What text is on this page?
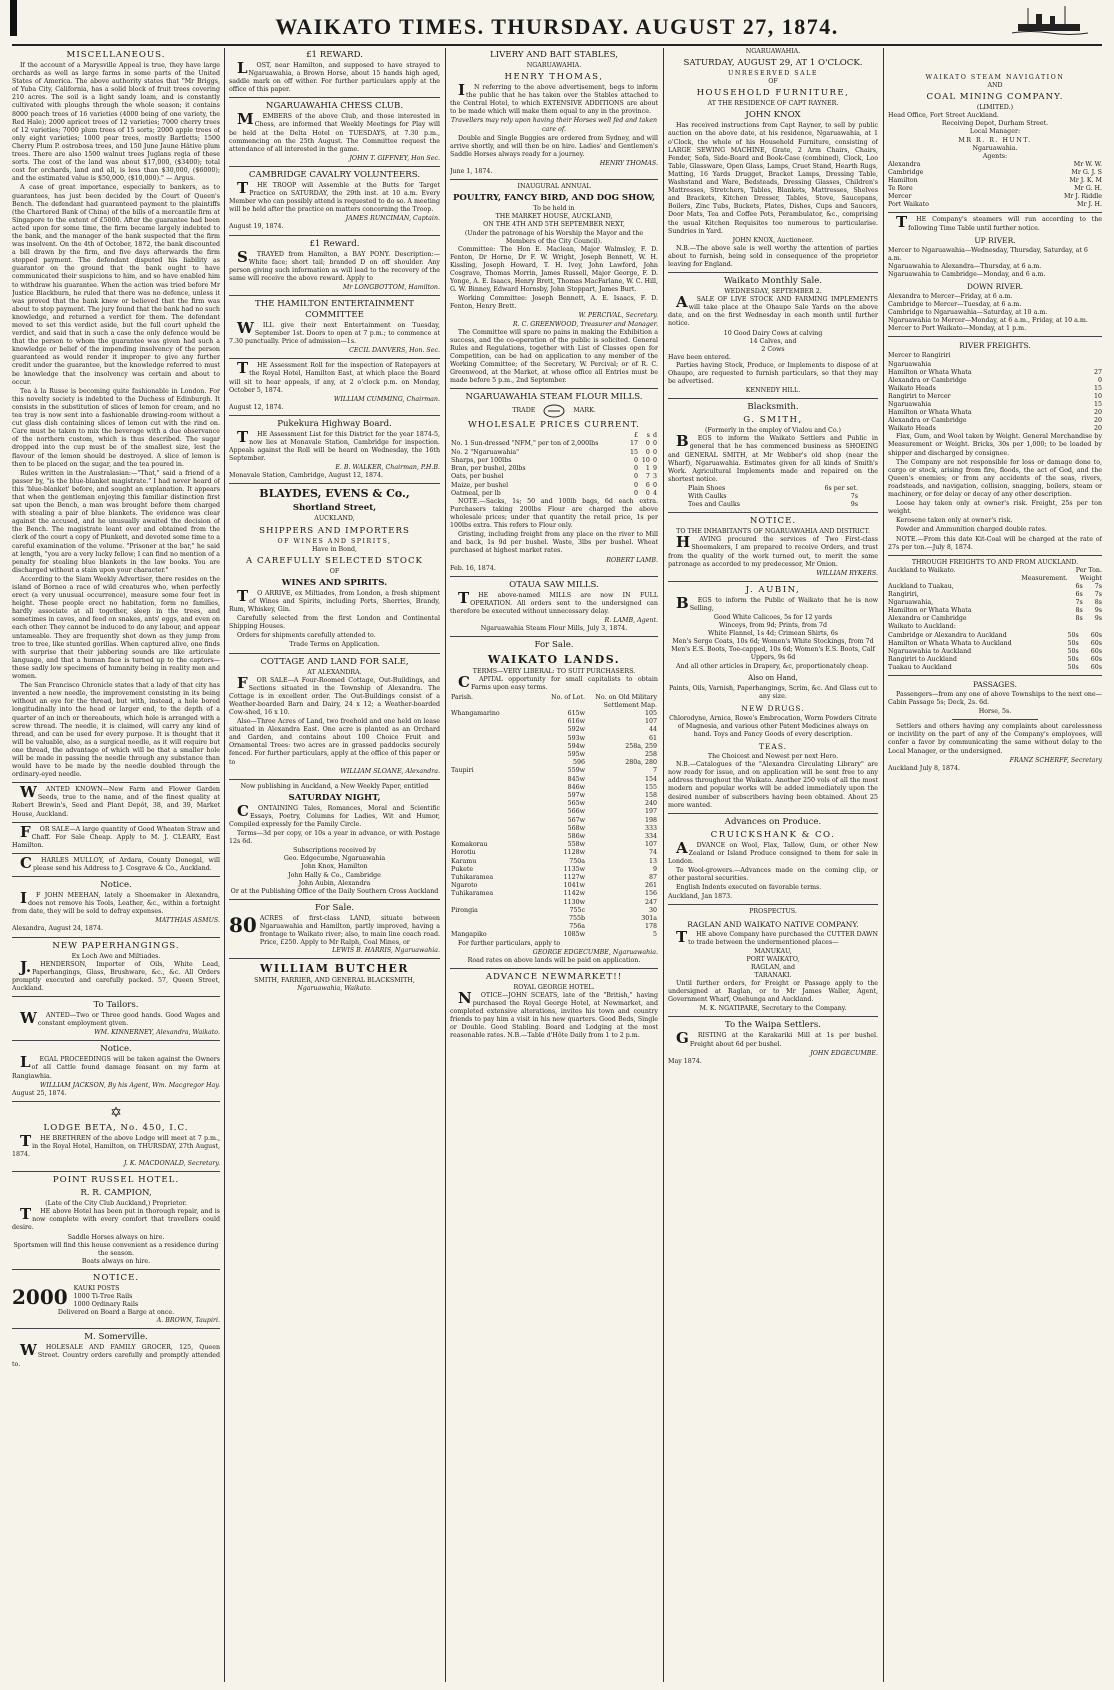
WAIKATO TIMES. THURSDAY. AUGUST 27, 1874.
MISCELLANEOUS.

If the account of a Marysville Appeal is true, they have large orchards as well as large farms in some parts of the United States of America. The above authority states that "Mr Briggs, of Yuba City, California, has a solid block of fruit trees covering 210 acres. The soil is a light sandy loam, and is constantly cultivated with ploughs through the whole season; it contains 8000 peach trees of 16 varieties (4000 being of one variety, the Red Hale); 2000 apricot trees of 12 varieties; 7000 cherry trees of 12 varieties; 7000 plum trees of 15 sorts; 2000 apple trees of only eight varieties; 1000 pear trees, mostly Bartletts; 1500 Cherry Plum P. ostrobosa trees, and 150 June Jaune Hâtive plum trees. There are also 1500 walnut trees Juglans regia of these sorts. The cost of the land was about $17,000, ($3400); total cost for orchards, land and all, is less than $30,000, ($6000); and the estimated value is $50,000, ($10,000)." — Argus.

A case of great importance, especially to bankers, as to guarantees, has just been decided by the Court of Queen's Bench. The defendant had guaranteed payment to the plaintiffs (the Chartered Bank of China) of the bills of a mercantile firm at Singapore to the extent of £5000. After the guarantee had been acted upon for some time, the firm became largely indebted to the bank, and the manager of the bank suspected that the firm was insolvent. On the 4th of October, 1872, the bank discounted a bill drawn by the firm, and five days afterwards the firm stopped payment. The defendant disputed his liability as guarantor on the ground that the bank ought to have communicated their suspicions to him, and so have enabled him to withdraw his guarantee. When the action was tried before Mr Justice Blackburn, he ruled that there was no defence, unless it was proved that the bank knew or believed that the firm was about to stop payment. The jury found that the bank had no such knowledge, and returned a verdict for them. The defendant moved to set this verdict aside, but the full court upheld the verdict, and said that in such a case the only defence would be that the person to whom the guarantee was given had such a knowledge or belief of the impending insolvency of the person guaranteed as would render it improper to give any further credit under the guarantee, but the knowledge referred to must be knowledge that the insolvency was certain and about to occur.

Tea à la Russe is becoming quite fashionable in London. For this novelty society is indebted to the Duchess of Edinburgh. It consists in the substitution of slices of lemon for cream, and no tea tray is now sent into a fashionable drawing-room without a cut glass dish containing slices of lemon cut with the rind on. Care must be taken to mix the beverage with a due observance of the northern custom, which is thus described. The sugar dropped into the cup must be of the smallest size, lest the flavour of the lemon should be destroyed. A slice of lemon is then to be placed on the sugar, and the tea poured in.

Rules written in the Australasian:—"That," said a friend of a passer by, "is the blue-blanket magistrate." I had never heard of this 'blue-blanket' before, and sought an explanation. It appears that when the gentleman enjoying this familiar distinction first sat upon the Bench, a man was brought before them charged with stealing a pair of blue blankets. The evidence was clear against the accused, and he unusually awaited the decision of the Bench. The magistrate leant over and obtained from the clerk of the court a copy of Plunkett, and devoted some time to a careful examination of the volume. "Prisoner at the bar," he said at length, "you are a very lucky fellow; I can find no mention of a penalty for stealing blue blankets in the law books. You are discharged without a stain upon your character."

According to the Siam Weekly Advertiser, there resides on the island of Borneo a race of wild creatures who, when perfectly erect (a very unusual occurrence), measure some four feet in height. These people erect no habitation, form no families, hardly associate at all together, sleep in the trees, and sometimes in caves, and feed on snakes, ants' eggs, and even on each other. They cannot be induced to do any labour, and appear untameable. They are frequently shot down as they jump from tree to tree, like stunted gorillas. When captured alive, one finds with surprise that their jabbering sounds are like articulate language, and that a human face is turned up to the captors—these sadly low specimens of humanity being in reality men and women.

The San Francisco Chronicle states that a lady of that city has invented a new needle, the improvement consisting in its being without an eye for the thread, but with, instead, a hole bored longitudinally into the head or larger end, to the depth of a quarter of an inch or thereabouts, which hole is arranged with a screw thread. The needle, it is claimed, will carry any kind of thread, and can be used for every purpose. It is thought that it will be valuable, also, as a surgical needle, as it will require but one thread, the advantage of which will be that a smaller hole will be made in passing the needle through any substance than would have to be made by the needle doubled through the ordinary-eyed needle.

WANTED KNOWN—New Farm and Flower Garden Seeds, true to the name, and of the finest quality at Robert Brewin's, Seed and Plant Depôt, 38, and 39, Market House, Auckland.

FOR SALE—A large quantity of Good Wheaten Straw and Chaff. For Sale Cheap. Apply to M. J. CLEARY, East Hamilton.

CHARLES MULLOY, of Ardara, County Donegal, will please send his Address to J. Cosgrave & Co., Auckland.

Notice.

IF JOHN MEEHAN, lately a Shoemaker in Alexandra, does not remove his Tools, Leather, &c., within a fortnight from date, they will be sold to defray expenses.

MATTHIAS ASMUS.
Alexandra, August 24, 1874.
NEW PAPERHANGINGS.
Ex Loch Awe and Miltiades.

J.HENDERSON, Importer of Oils, White Lead, Paperhangings, Glass, Brushware, &c., &c. All Orders promptly executed and carefully packed. 57, Queen Street, Auckland.

To Tailors.

WANTED—Two or Three good hands. Good Wages and constant employment given.

WM. KINNERNEY, Alexandra, Waikato.
Notice.

LEGAL PROCEEDINGS will be taken against the Owners of all Cattle found damage feasant on my farm at Rangiawhia.

WILLIAM JACKSON, By his Agent, Wm. Macgregor Hay.
August 25, 1874.
✡
LODGE BETA, No. 450, I.C.

THE BRETHREN of the above Lodge will meet at 7 p.m., in the Royal Hotel, Hamilton, on THURSDAY, 27th August, 1874.

J. K. MACDONALD, Secretary.
POINT RUSSEL HOTEL.
R. R. CAMPION,
(Late of the City Club Auckland,) Proprietor.

THE above Hotel has been put in thorough repair, and is now complete with every comfort that travellers could desire.

Saddle Horses always on hire.
Sportsmen will find this house convenient as a residence during the season.
Boats always on hire.
NOTICE.
2000 KAUKI POSTS
1000 Ti-Tree Rails
1000 Ordinary Rails
Delivered on Board a Barge at once.
A. BROWN, Taupiri.
M. Somerville.

WHOLESALE AND FAMILY GROCER, 125, Queen Street. Country orders carefully and promptly attended to.

£1 REWARD.

LOST, near Hamilton, and supposed to have strayed to Ngaruawahia, a Brown Horse, about 15 hands high aged, saddle mark on off wither. For further particulars apply at the office of this paper.

NGARUAWAHIA CHESS CLUB.

MEMBERS of the above Club, and those interested in Chess, are informed that Weekly Meetings for Play will be held at the Delta Hotel on TUESDAYS, at 7.30 p.m., commencing on the 25th August. The Committee request the attendance of all interested in the game.

JOHN T. GIFFNEY, Hon Sec.
CAMBRIDGE CAVALRY VOLUNTEERS.

THE TROOP will Assemble at the Butts for Target Practice on SATURDAY, the 29th inst. at 10 a.m. Every Member who can possibly attend is requested to do so. A meeting will be held after the practice on matters concerning the Troop.

JAMES RUNCIMAN, Captain.
August 19, 1874.
£1 Reward.

STRAYED from Hamilton, a BAY PONY. Description:—White face; short tail; branded D on off shoulder. Any person giving such information as will lead to the recovery of the same will receive the above reward. Apply to

Mr LONGBOTTOM, Hamilton.
THE HAMILTON ENTERTAINMENT COMMITTEE

WILL give their next Entertainment on Tuesday, September 1st. Doors to open at 7 p.m.; to commence at 7.30 punctually. Price of admission—1s.

CECIL DANVERS, Hon. Sec.

THE Assessment Roll for the inspection of Ratepayers at the Royal Hotel, Hamilton East, at which place the Board will sit to hear appeals, if any, at 2 o'clock p.m. on Monday, October 5, 1874.

WILLIAM CUMMING, Chairman.
August 12, 1874.
Pukekura Highway Board.

THE Assessment List for this District for the year 1874-5, now lies at Monavale Station, Cambridge for inspection. Appeals against the Roll will be heard on Wednesday, the 16th September.

E. B. WALKER, Chairman, P.H.B.
Monavale Station, Cambridge, August 12, 1874.
BLAYDES, EVENS & Co.,
Shortland Street,
AUCKLAND,
SHIPPERS AND IMPORTERS
OF WINES AND SPIRITS,
Have in Bond,
A CAREFULLY SELECTED STOCK
OF
WINES AND SPIRITS.

TO ARRIVE, ex Miltiades, from London, a fresh shipment of Wines and Spirits, including Ports, Sherries, Brandy, Rum, Whiskey, Gin.

Carefully selected from the first London and Continental Shipping Houses.

Orders for shipments carefully attended to.

Trade Terms on Application.
COTTAGE AND LAND FOR SALE,
AT ALEXANDRA.

FOR SALE—A Four-Roomed Cottage, Out-Buildings, and Sections situated in the Township of Alexandra. The Cottage is in excellent order. The Out-Buildings consist of a Weather-boarded Barn and Dairy, 24 x 12; a Weather-boarded Cow-shed, 16 x 10.

Also—Three Acres of Land, two freehold and one held on lease situated in Alexandra East. One acre is planted as an Orchard and Garden, and contains about 100 Choice Fruit and Ornamental Trees: two acres are in grassed paddocks securely fenced. For further particulars, apply at the office of this paper or to

WILLIAM SLOANE, Alexandra.
Now publishing in Auckland, a New Weekly Paper, entitled
SATURDAY NIGHT,

CONTAINING Tales, Romances, Moral and Scientific Essays, Poetry, Columns for Ladies, Wit and Humor, Compiled expressly for the Family Circle.

Terms—3d per copy, or 10s a year in advance, or with Postage 12s 6d.

Subscriptions received by
Geo. Edgecumbe, Ngaruawahia
John Knox, Hamilton
John Hally & Co., Cambridge
John Aubin, Alexandra
Or at the Publishing Office of the Daily Southern Cross Auckland
For Sale.
80 ACRES of first-class LAND, situate between Ngaruawahia and Hamilton, partly improved, having a frontage to Waikato river; also, to main line coach road. Price, £250. Apply to Mr Ralph, Coal Mines, or

LEWIS B. HARRIS, Ngaruawahia.
WILLIAM BUTCHER
SMITH, FARRIER, AND GENERAL BLACKSMITH,
Ngaruawahia, Waikato.
LIVERY AND BAIT STABLES,
NGARUAWAHIA.
HENRY THOMAS,

IN referring to the above advertisement, begs to inform the public that he has taken over the Stables attached to the Central Hotel, to which EXTENSIVE ADDITIONS are about to be made which will make them equal to any in the province.

Travellers may rely upon having their Horses well fed and taken care of.

Double and Single Buggies are ordered from Sydney, and will arrive shortly, and will then be on hire. Ladies' and Gentlemen's Saddle Horses always ready for a journey.

HENRY THOMAS.
June 1, 1874.
INAUGURAL ANNUAL
POULTRY, FANCY BIRD, AND DOG SHOW,
To be held in
THE MARKET HOUSE, AUCKLAND,
ON THE 4TH AND 5TH SEPTEMBER NEXT,
(Under the patronage of his Worship the Mayor and the Members of the City Council).

Committee: The Hon E. Maclean, Major Walmsley, F. D. Fenton, Dr Horne, Dr F. W. Wright, Joseph Bennett, W. H. Kissling, Joseph Howard, T. H. Ivey, John Lawford, John Cosgrave, Thomas Morrin, James Russell, Major George, F. D. Yonge, A. E. Isaacs, Henry Brett, Thomas MacFarlane, W. C. Hill, G. W. Binney, Edward Hornsby, John Stoppart, James Burt.

Working Committee: Joseph Bennett, A. E. Isaacs, F. D. Fenton, Henry Brett.

W. PERCIVAL, Secretary.
R. C. GREENWOOD, Treasurer and Manager.

The Committee will spare no pains in making the Exhibition a success, and the co-operation of the public is solicited. General Rules and Regulations, together with List of Classes open for Competition, can be had on application to any member of the Working Committee; of the Secretary, W. Percival; or of R. C. Greenwood, at the Market, at whose office all Entries must be made before 5 p.m., 2nd September.

NGARUAWAHIA STEAM FLOUR MILLS.
TRADE	MARK.
WHOLESALE PRICES CURRENT.
	£	s	d
No. 1 Sun-dressed "NFM," per ton of 2,000lbs	17	0	0
No. 2 "Ngaruawahia"	15	0	0
Sharps, per 100lbs	0	10	0
Bran, per bushel, 20lbs	0	1	9
Oats, per bushel	0	7	3
Maize, per bushel	0	6	0
Oatmeal, per lb	0	0	4

NOTE.—Sacks, 1s; 50 and 100lb bags, 6d each extra. Purchasers taking 200lbs Flour are charged the above wholesale prices; under that quantity the retail price, 1s per 100lbs extra. This refers to Flour only.

Gristing, including freight from any place on the river to Mill and back, 1s 9d per bushel. Waste, 3lbs per bushel. Wheat purchased at highest market rates.

ROBERT LAMB.
Feb. 16, 1874.
OTAUA SAW MILLS.

THE above-named MILLS are now IN FULL OPERATION. All orders sent to the undersigned can therefore be executed without unnecessary delay.

R. LAMB, Agent.
Ngaruawahia Steam Flour Mills, July 3, 1874.
For Sale.
WAIKATO LANDS.
TERMS—VERY LIBERAL: TO SUIT PURCHASERS.

CAPITAL opportunity for small capitalists to obtain Farms upon easy terms.

Parish.	No. of Lot.	No. on Old Military Settlement Map.
Whangamarino	615w	105
	616w	107
	592w	44
	593w	61
	594w	258a, 259
	595w	258
	596	280a, 280
Taupiri	559w	7
	845w	154
	846w	155
	597w	158
	565w	240
	566w	197
	567w	198
	568w	333
	586w	334
Komakorau	558w	107
Horotiu	1128w	74
Karamu	750a	13
Pukete	1135w	9
Tuhikaramea	1127w	87
Ngaroto	1041w	261
Tuhikaramea	1142w	156
	1130w	247
Pirongia	755c	30
	755b	301a
	756a	178
Mangapiko	1085w	5

For further particulars, apply to

GEORGE EDGECUMBE, Ngaruawahia.
Road rates on above lands will be paid on application.
ADVANCE NEWMARKET!!
ROYAL GEORGE HOTEL.

NOTICE—JOHN SCEATS, late of the "British," having purchased the Royal George Hotel, at Newmarket, and completed extensive alterations, invites his town and country friends to pay him a visit in his new quarters. Good Beds, Single or Double. Good Stabling. Board and Lodging at the most reasonable rates. N.B.—Table d'Hôte Daily from 1 to 2 p.m.

NGARUAWAHIA.
SATURDAY, AUGUST 29, AT 1 O'CLOCK.
UNRESERVED SALE
OF
HOUSEHOLD FURNITURE,
AT THE RESIDENCE OF CAPT RAYNER.
JOHN KNOX

Has received instructions from Capt Rayner, to sell by public auction on the above date, at his residence, Ngaruawahia, at 1 o'Clock, the whole of his Household Furniture, consisting of LARGE SEWING MACHINE, Grate, 2 Arm Chairs, Chairs, Fender, Sofa, Side-Board and Book-Case (combined), Clock, Loo Table, Glassware, Open Glass, Lamps, Cruet Stand, Hearth Rugs, Matting, 16 Yards Drugget, Bracket Lamps, Dressing Table, Washstand and Ware, Bedsteads, Dressing Glasses, Children's Mattresses, Stretchers, Tables, Blankets, Mattresses, Shelves and Brackets, Kitchen Dresser, Tables, Stove, Saucepans, Boilers, Zinc Tubs, Buckets, Plates, Dishes, Cups and Saucers, Door Mats, Tea and Coffee Pots, Perambulator, &c., comprising the usual Kitchen Requisites too numerous to particularise. Sundries in Yard.

JOHN KNOX, Auctioneer.

N.B.—The above sale is well worthy the attention of parties about to furnish, being sold in consequence of the proprietor leaving for England.

Waikato Monthly Sale.
WEDNESDAY, SEPTEMBER 2.

ASALE OF LIVE STOCK AND FARMING IMPLEMENTS will take place at the Ohaupo Sale Yards on the above date, and on the first Wednesday in each month until further notice.

10 Good Dairy Cows at calving
14 Calves, and
2 Cows
Have been entered.

Parties having Stock, Produce, or Implements to dispose of at Ohaupo, are requested to furnish particulars, so that they may be advertised.

KENNEDY HILL.
Blacksmith.
G. SMITH,
(Formerly in the employ of Vialou and Co.)

BEGS to inform the Waikato Settlers and Public in general that he has commenced business as SHOEING and GENERAL SMITH, at Mr Webber's old shop (near the Wharf), Ngaruawahia. Estimates given for all kinds of Smith's Work. Agricultural Implements made and repaired on the shortest notice.

Plain Shoes	6s per set.
With Caulks	7s
Toes and Caulks	9s
NOTICE.
TO THE INHABITANTS OF NGARUAWAHIA AND DISTRICT.

HAVING procured the services of Two First-class Shoemakers, I am prepared to receive Orders, and trust from the quality of the work turned out, to merit the same patronage as accorded to my predecessor, Mr Onion.

WILLIAM RYKERS.
J. AUBIN,

BEGS to inform the Public of Waikato that he is now Selling,

Good White Calicoes, 5s for 12 yards
Winceys, from 9d; Prints, from 7d
White Flannel, 1s 4d; Crimean Shirts, 6s
Men's Serge Coats, 10s 6d; Women's White Stockings, from 7d
Men's E.S. Boots, Toe-capped, 10s 6d; Women's E.S. Boots, Calf Uppers, 9s 6d

And all other articles in Drapery, &c, proportionately cheap.

Also on Hand,
Paints, Oils, Varnish, Paperhangings, Scrim, &c. And Glass cut to any size.
NEW DRUGS.
Chlorodyne, Arnica, Rowe's Embrocation, Worm Powders Citrate of Magnesia, and various other Patent Medicines always on hand. Toys and Fancy Goods of every description.
TEAS.
The Choicest and Newest per next Hero.

N.B.—Catalogues of the "Alexandra Circulating Library" are now ready for issue, and on application will be sent free to any address throughout the Waikato. Another 250 vols of all the most modern and popular works will be added immediately upon the desired number of subscribers having been obtained. About 25 more wanted.

Advances on Produce.
CRUICKSHANK & CO.

ADVANCE on Wool, Flax, Tallow, Gum, or other New Zealand or Island Produce consigned to them for sale in London.

To Wool-growers.—Advances made on the coming clip, or other pastoral securities.

English Indents executed on favorable terms.

Auckland, Jan 1873.
PROSPECTUS.
RAGLAN AND WAIKATO NATIVE COMPANY.

THE above Company have purchased the CUTTER DAWN to trade between the undermentioned places—

MANUKAU,
PORT WAIKATO,
RAGLAN, and
TARANAKI.

Until further orders, for Freight or Passage apply to the undersigned at Raglan, or to Mr James Waller, Agent, Government Wharf, Onehunga and Auckland.

M. K. NGATIPARE, Secretary to the Company.
To the Waipa Settlers.

GRISTING at the Karakariki Mill at 1s per bushel. Freight about 6d per bushel.

JOHN EDGECUMBE.
May 1874.
WAIKATO STEAM NAVIGATION
AND
COAL MINING COMPANY.
(LIMITED.)
Head Office, Fort Street Auckland.
Receiving Depot, Durham Street.
Local Manager:
MR R. R. HUNT.
Ngaruawahia.
Agents:
Alexandra	Mr W. W.
Cambridge	Mr G. J. S
Hamilton	Mr J. K. M
Te Rore	Mr G. H.
Mercer	Mr J. Riddle
Port Waikato	Mr J. H.

THE Company's steamers will run according to the following Time Table until further notice.

UP RIVER.
Mercer to Ngaruawahia—Wednesday, Thursday, Saturday, at 6 a.m.
Ngaruawahia to Alexandra—Thursday, at 6 a.m.
Ngaruawahia to Cambridge—Monday, and 6 a.m.
DOWN RIVER.
Alexandra to Mercer—Friday, at 6 a.m.
Cambridge to Mercer—Tuesday, at 6 a.m.
Cambridge to Ngaruawahia—Saturday, at 10 a.m.
Ngaruawahia to Mercer—Monday, at 6 a.m., Friday, at 10 a.m.
Mercer to Port Waikato—Monday, at 1 p.m.
RIVER FREIGHTS.
Mercer to Rangiriri
Ngaruawahia
Hamilton or Whata Whata	27
Alexandra or Cambridge	0
Waikato Heads	15
Rangiriri to Mercer	10
Ngaruawahia	15
Hamilton or Whata Whata	20
Alexandra or Cambridge	20
Waikato Heads	20

Flax, Gum, and Wool taken by Weight. General Merchandise by Measurement or Weight. Bricks, 30s per 1,000; to be loaded by shipper and discharged by consignee.

The Company are not responsible for loss or damage done to, cargo or stock, arising from fire, floods, the act of God, and the Queen's enemies; or from any accidents of the seas, rivers, roadsteads, and navigation, collision, snagging, boilers, steam or machinery, or for delay or decay of any other description.

Loose hay taken only at owner's risk. Freight, 25s per ton weight.

Kerosene taken only at owner's risk.

Powder and Ammunition charged double rates.

NOTE.—From this date Kit-Coal will be charged at the rate of 27s per ton.—July 8, 1874.

THROUGH FREIGHTS TO AND FROM AUCKLAND.
Auckland to Waikato.	Per Ton.
Measurement. Weight
Auckland to Tuakau,	6s 7s
Rangiriri,	6s 7s
Ngaruawahia,	7s 8s
Hamilton or Whata Whata	8s 9s
Alexandra or Cambridge	8s 9s
Waikato to Auckland:
Cambridge or Alexandra to Auckland	50s 60s
Hamilton or Whata Whata to Auckland	50s 60s
Ngaruawahia to Auckland	50s 60s
Rangiriri to Auckland	50s 60s
Tuakau to Auckland	50s 60s
PASSAGES.

Passengers—from any one of above Townships to the next one—Cabin Passage 5s; Deck, 2s. 6d.

Horse, 5s.

Settlers and others having any complaints about carelessness or incivility on the part of any of the Company's employees, will confer a favor by communicating the same without delay to the Local Manager, or the undersigned.

FRANZ SCHERFF, Secretary
Auckland July 8, 1874.
